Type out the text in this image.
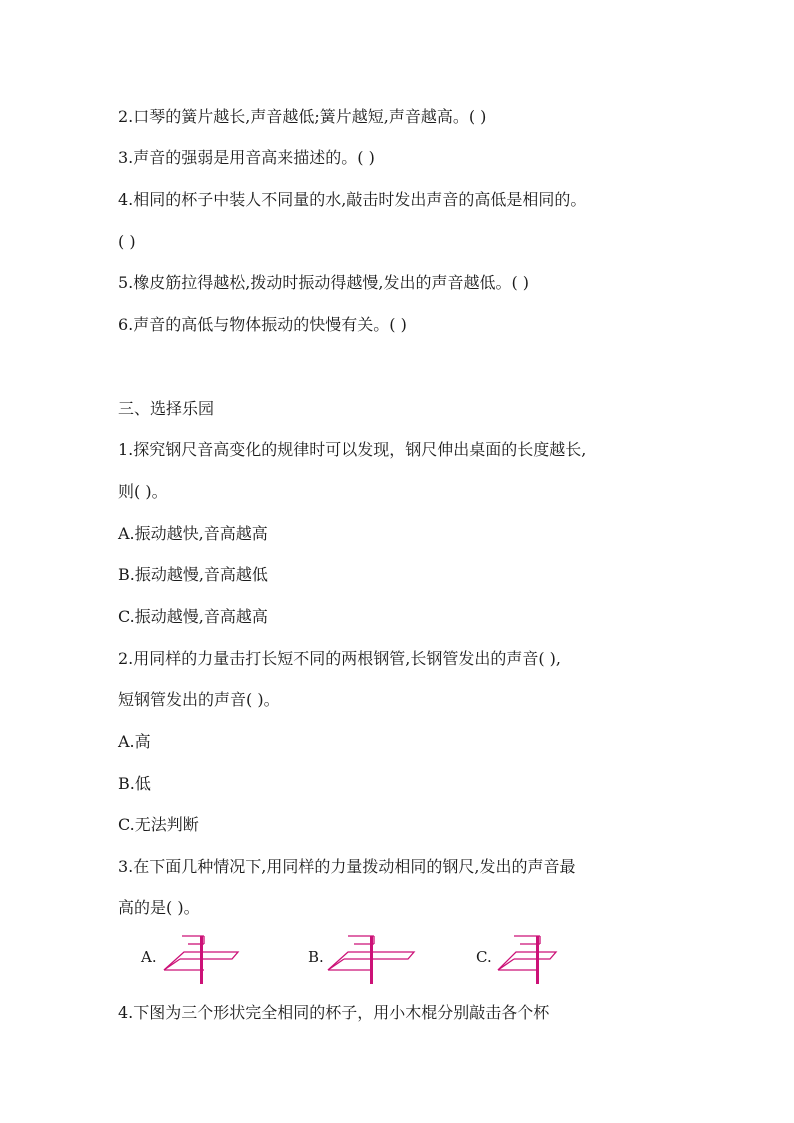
2.口琴的簧片越长,声音越低;簧片越短,声音越高。( )
3.声音的强弱是用音高来描述的。( )
4.相同的杯子中装人不同量的水,敲击时发出声音的高低是相同的。
( )
5.橡皮筋拉得越松,拨动时振动得越慢,发出的声音越低。( )
6.声音的高低与物体振动的快慢有关。( )
三、选择乐园
1.探究钢尺音高变化的规律时可以发现，钢尺伸出桌面的长度越长,
则( )。
A.振动越快,音高越高
B.振动越慢,音高越低
C.振动越慢,音高越高
2.用同样的力量击打长短不同的两根钢管,长钢管发出的声音( ),
短钢管发出的声音( )。
A.高
B.低
C.无法判断
3.在下面几种情况下,用同样的力量拨动相同的钢尺,发出的声音最
高的是( )。
A.	B.	C.
4.下图为三个形状完全相同的杯子，用小木棍分别敲击各个杯
